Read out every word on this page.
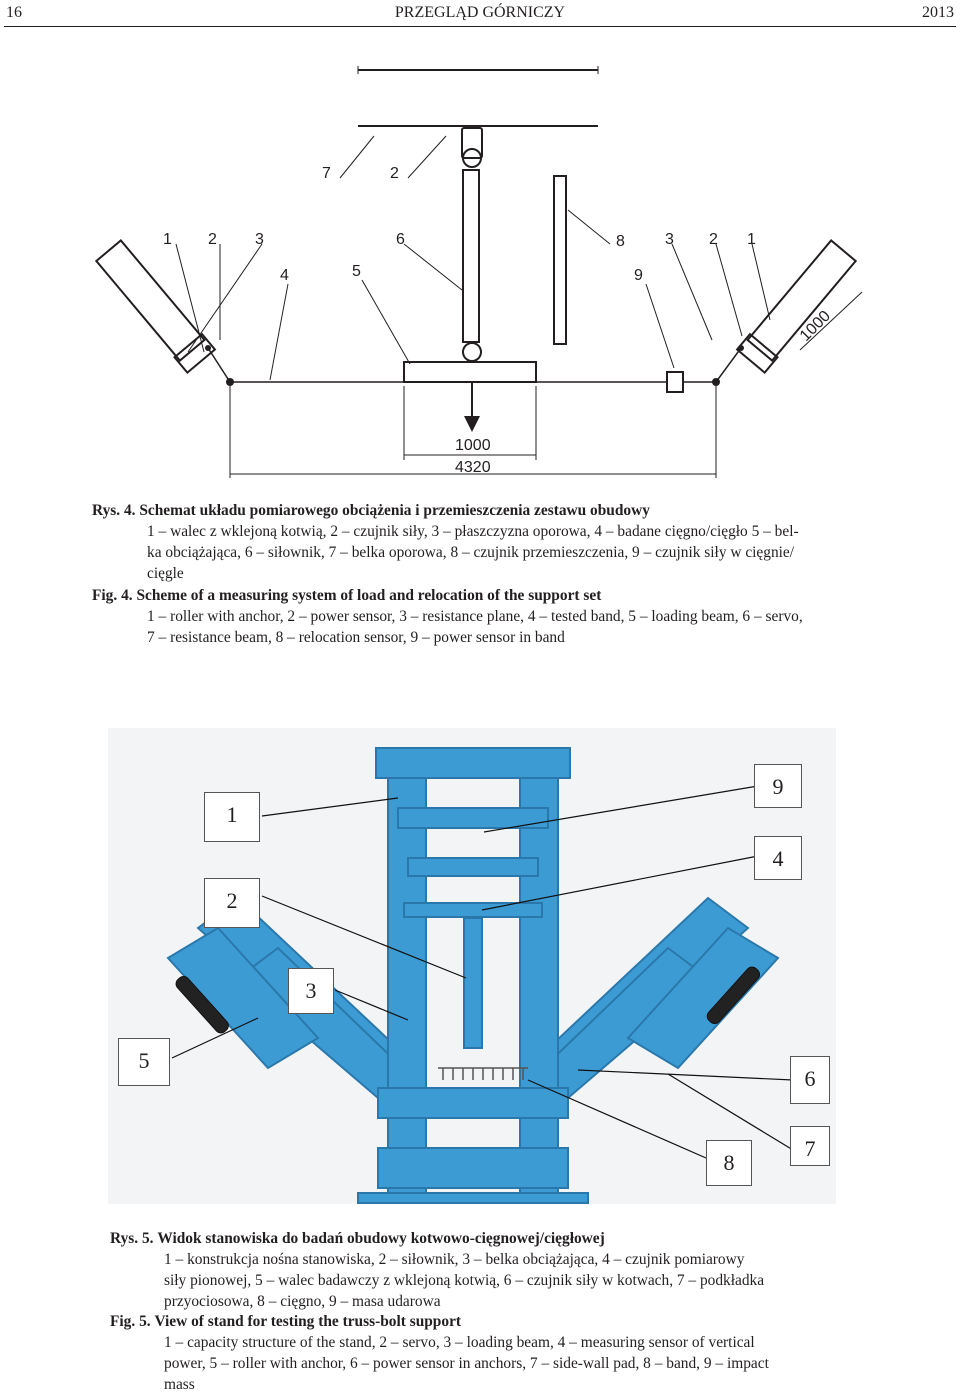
16	PRZEGLĄD GÓRNICZY	2013
7	2
1 2 3
4
6
5
8	3 2 1
9
1000
4320
1000
Rys. 4. Schemat układu pomiarowego obciążenia i przemieszczenia zestawu obudowy
1 – walec z wklejoną kotwią, 2 – czujnik siły, 3 – płaszczyzna oporowa, 4 – badane cięgno/cięgło 5 – bel-
ka obciążająca, 6 – siłownik, 7 – belka oporowa, 8 – czujnik przemieszczenia, 9 – czujnik siły w cięgnie/
cięgle
Fig. 4. Scheme of a measuring system of load and relocation of the support set
1 – roller with anchor, 2 – power sensor, 3 – resistance plane, 4 – tested band, 5 – loading beam, 6 – servo,
7 – resistance beam, 8 – relocation sensor, 9 – power sensor in band
1
2
3
5
9
4
6
7
8
Rys. 5. Widok stanowiska do badań obudowy kotwowo-cięgnowej/cięgłowej
1 – konstrukcja nośna stanowiska, 2 – siłownik, 3 – belka obciążająca, 4 – czujnik pomiarowy
siły pionowej, 5 – walec badawczy z wklejoną kotwią, 6 – czujnik siły w kotwach, 7 – podkładka
przyociosowa, 8 – cięgno, 9 – masa udarowa
Fig. 5. View of stand for testing the truss-bolt support
1 – capacity structure of the stand, 2 – servo, 3 – loading beam, 4 – measuring sensor of vertical
power, 5 – roller with anchor, 6 – power sensor in anchors, 7 – side-wall pad, 8 – band, 9 – impact
mass
